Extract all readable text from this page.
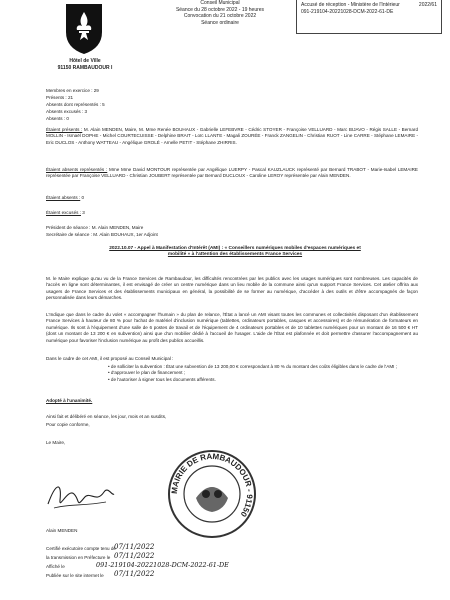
Hôtel de Ville
91150 RAMBAUDOUR I
Conseil Municipal
Séance du 28 octobre 2022 - 19 heures
Convocation du 21 octobre 2022
Séance ordinaire
Accusé de réception - Ministère de l'Intérieur
091-219104-20221028-DCM-2022-61-DE
2022/61
Membres en exercice : 29
Présents : 21
Absents dont représentés : 5
Absents excusés : 3
Absents : 0
Étaient présents : M. Alain MENDEN, Maire, M. Mme Renée BOUHAUX - Gabrielle LEFEBVRE - Cédric STOYER - Françoise VELLUARD - Marc BIJAVO - Régis SALLE - Bernard MOLLIN - Ismaël DOPHE - Michel COURTECUISSE - Delphine BRAIT - Loïc LLANTE - Magali ZOURÉE - Franck ZANGELIN - Christian RUOT - Line CARRE - Stéphane LEMAIRE - Eric DUCLOS - Anthony WATTEAU - Angélique GROLÉ - Arnelle PETIT - Stéphane ZHIRRIS.
Étaient absents représentés : Mme Mme David MONTOUR représentée par Angélique LUERPY - Pascal KAUZLAUCK représenté par Bernard TRABOT - Marie-Isabel LEMAIRE représentée par Françoise VELLUARD - Christian JOUBERT représentée par Bernard DUCLOUX - Caroline LEROY représentée par Alain MENDEN.
Étaient absents : 0
Étaient excusés : 3
Président de séance : M. Alain MENDEN, Maire
Secrétaire de séance : M. Alain BOUHAUX, 1er Adjoint
2022.10.07 - Appel à Manifestation d'Intérêt (AMI) : « Conseillers numériques mobiles d'espaces numériques et
mobilité » à l'attention des établissements France Services
M. le Maire explique qu'au vu de la France Services de Rambaudour, les difficultés rencontrées par les publics avec les usages numériques sont nombreuses. Les capacités de l'accès en ligne sont déterminantes, il est envisagé de créer un centre numérique dans un lieu mobile de la commune ainsi qu'un support France Services. Cet atelier offrira aux usagers de France Services et des établissements municipaux en général, la possibilité de se former au numérique, d'accéder à des outils et d'être accompagnés de façon personnalisée dans leurs démarches.
L'Indique que dans le cadre du volet « accompagner l'humain » du plan de relance, l'État a lancé un AMI visant toutes les communes et collectivités disposant d'un établissement France Services à hauteur de 80 % pour l'achat de matériel d'inclusion numérique (tablettes, ordinateurs portables, casques et accessoires) et de rémunération de formateurs en numérique. Ils sont à l'équipement d'une salle de 6 postes de travail et de l'équipement de 4 ordinateurs portables et de 10 tablettes numériques pour un montant de 16 500 € HT (dont un montant de 13 200 € en subvention) ainsi que d'un mobilier dédié à l'accueil de l'usager. L'aide de l'État est plafonnée et doit permettre d'assurer l'accompagnement au numérique pour favoriser l'inclusion numérique au profit des publics accueillis.
Dans le cadre de cet AMI, il est proposé au Conseil Municipal :
• de solliciter la subvention : État une subvention de 13 200,00 € correspondant à 80 % du montant des coûts éligibles dans le cadre de l'AMI ;
• d'approuver le plan de financement ;
• de l'autoriser à signer tous les documents afférents.
Adopté à l'unanimité.
Ainsi fait et délibéré en séance, les jour, mois et an susdits,
Pour copie conforme,
Le Maire,
Alain MENDEN
MAIRIE DE RAMBAUDOUR - 91150
Certifié exécutoire compte tenu de
07/11/2022
la transmission en Préfecture le 07/11/2022
Affiché le	091-219104-20221028-DCM-2022-61-DE
Publiée sur le site internet le 07/11/2022
